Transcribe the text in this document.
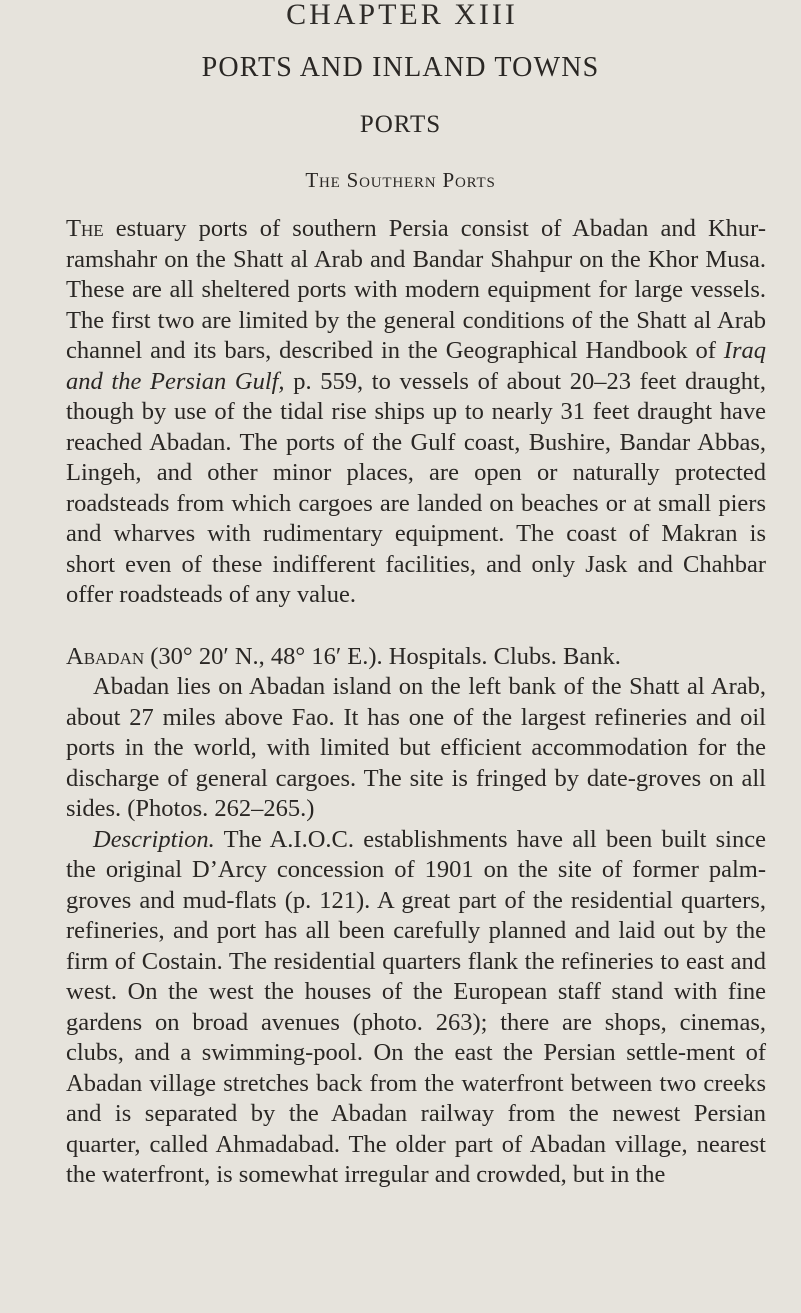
CHAPTER XIII
PORTS AND INLAND TOWNS
PORTS
The Southern Ports

The estuary ports of southern Persia consist of Abadan and Khur-ramshahr on the Shatt al Arab and Bandar Shahpur on the Khor Musa. These are all sheltered ports with modern equipment for large vessels. The first two are limited by the general conditions of the Shatt al Arab channel and its bars, described in the Geographical Handbook of Iraq and the Persian Gulf, p. 559, to vessels of about 20–23 feet draught, though by use of the tidal rise ships up to nearly 31 feet draught have reached Abadan. The ports of the Gulf coast, Bushire, Bandar Abbas, Lingeh, and other minor places, are open or naturally protected roadsteads from which cargoes are landed on beaches or at small piers and wharves with rudimentary equipment. The coast of Makran is short even of these indifferent facilities, and only Jask and Chahbar offer roadsteads of any value.

Abadan (30° 20′ N., 48° 16′ E.). Hospitals. Clubs. Bank.

Abadan lies on Abadan island on the left bank of the Shatt al Arab, about 27 miles above Fao. It has one of the largest refineries and oil ports in the world, with limited but efficient accommodation for the discharge of general cargoes. The site is fringed by date-groves on all sides. (Photos. 262–265.)

Description. The A.I.O.C. establishments have all been built since the original D’Arcy concession of 1901 on the site of former palm-groves and mud-flats (p. 121). A great part of the residential quarters, refineries, and port has all been carefully planned and laid out by the firm of Costain. The residential quarters flank the refineries to east and west. On the west the houses of the European staff stand with fine gardens on broad avenues (photo. 263); there are shops, cinemas, clubs, and a swimming-pool. On the east the Persian settle-ment of Abadan village stretches back from the waterfront between two creeks and is separated by the Abadan railway from the newest Persian quarter, called Ahmadabad. The older part of Abadan village, nearest the waterfront, is somewhat irregular and crowded, but in the
